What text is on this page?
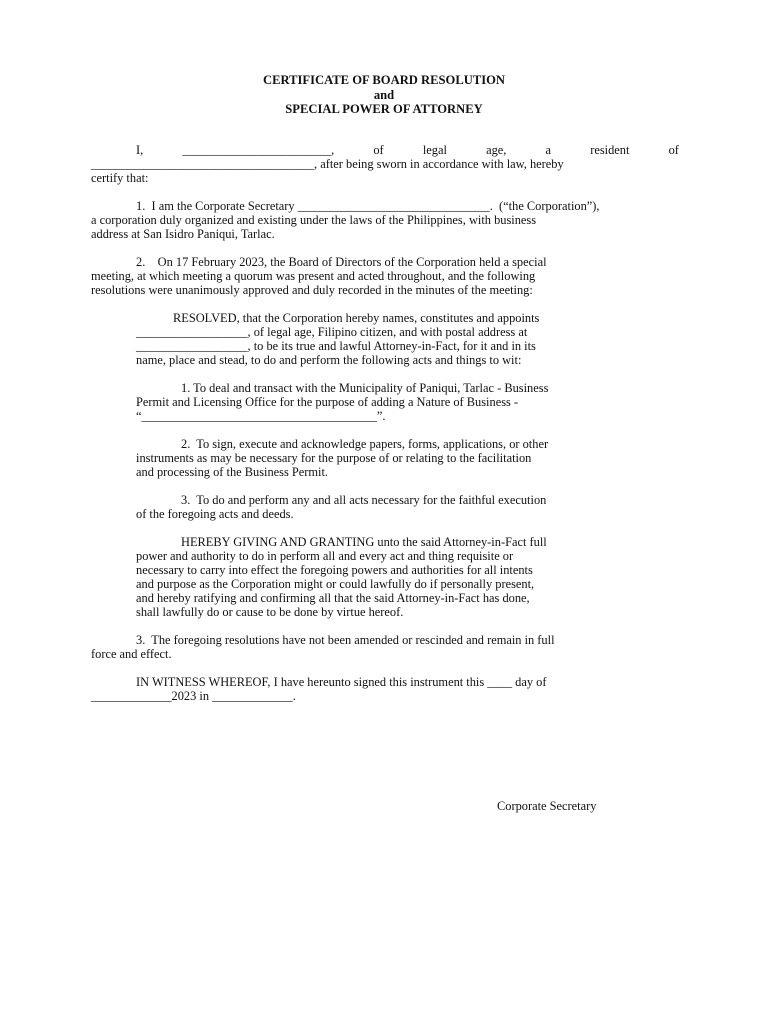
CERTIFICATE OF BOARD RESOLUTION
and
SPECIAL POWER OF ATTORNEY
I,	________________________,	of	legal	age,	a	resident	of
____________________________________, after being sworn in accordance with law, hereby
certify that:
1.  I am the Corporate Secretary _______________________________.  (“the Corporation”),
a corporation duly organized and existing under the laws of the Philippines, with business
address at San Isidro Paniqui, Tarlac.
2.    On 17 February 2023, the Board of Directors of the Corporation held a special
meeting, at which meeting a quorum was present and acted throughout, and the following
resolutions were unanimously approved and duly recorded in the minutes of the meeting:
RESOLVED, that the Corporation hereby names, constitutes and appoints
__________________, of legal age, Filipino citizen, and with postal address at
__________________, to be its true and lawful Attorney-in-Fact, for it and in its
name, place and stead, to do and perform the following acts and things to wit:
1. To deal and transact with the Municipality of Paniqui, Tarlac - Business
Permit and Licensing Office for the purpose of adding a Nature of Business -
“______________________________________”.
2.  To sign, execute and acknowledge papers, forms, applications, or other
instruments as may be necessary for the purpose of or relating to the facilitation
and processing of the Business Permit.
3.  To do and perform any and all acts necessary for the faithful execution
of the foregoing acts and deeds.
HEREBY GIVING AND GRANTING unto the said Attorney-in-Fact full
power and authority to do in perform all and every act and thing requisite or
necessary to carry into effect the foregoing powers and authorities for all intents
and purpose as the Corporation might or could lawfully do if personally present,
and hereby ratifying and confirming all that the said Attorney-in-Fact has done,
shall lawfully do or cause to be done by virtue hereof.
3.  The foregoing resolutions have not been amended or rescinded and remain in full
force and effect.
IN WITNESS WHEREOF, I have hereunto signed this instrument this ____ day of
_____________2023 in _____________.
Corporate Secretary
